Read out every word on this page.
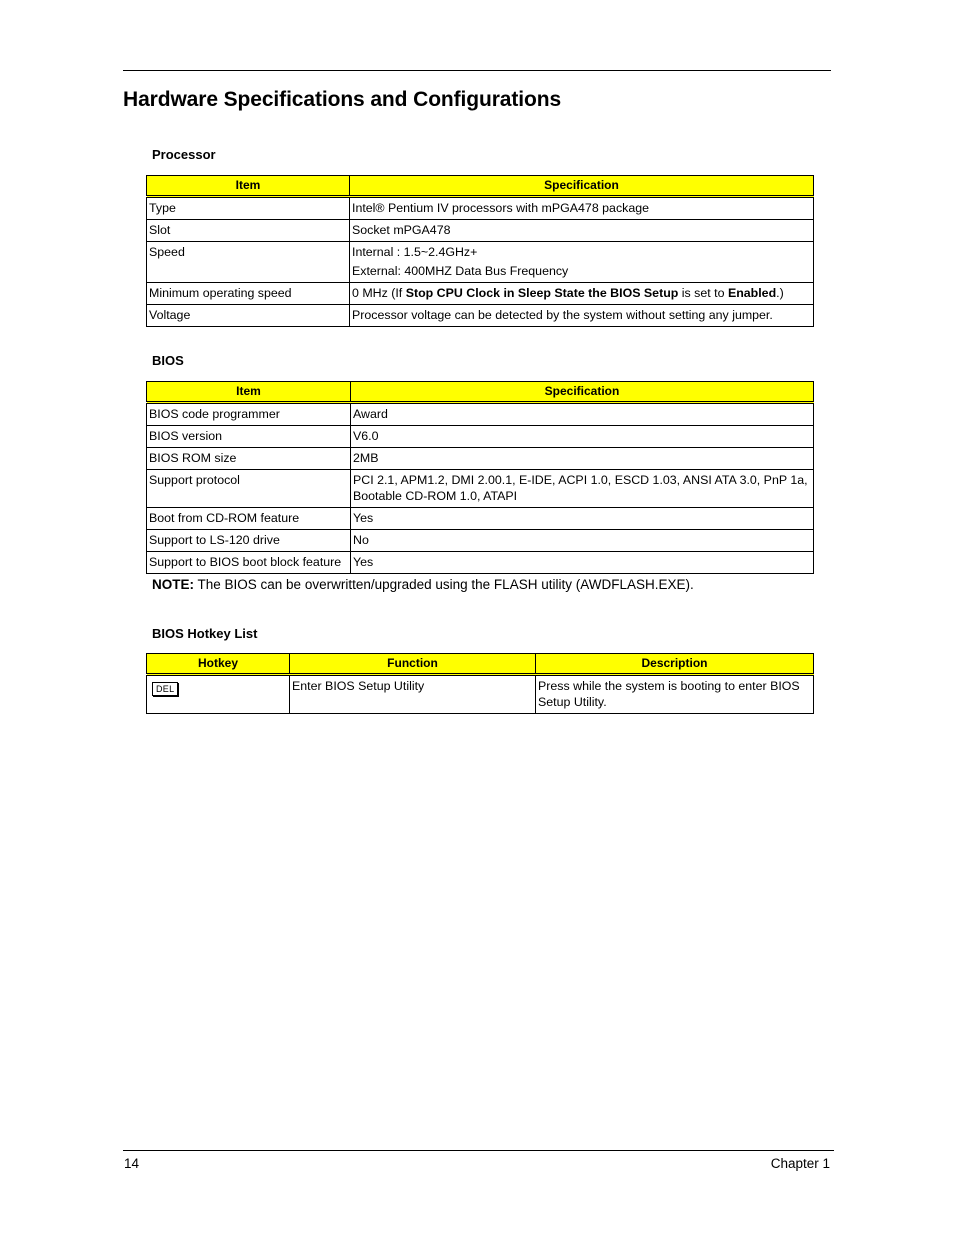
Hardware Specifications and Configurations
Processor
Item	Specification
Type	Intel® Pentium IV processors with mPGA478 package
Slot	Socket mPGA478
Speed	Internal : 1.5~2.4GHz+
External: 400MHZ Data Bus Frequency

Minimum operating speed	0 MHz (If Stop CPU Clock in Sleep State the BIOS Setup is set to Enabled.)
Voltage	Processor voltage can be detected by the system without setting any jumper.
BIOS
Item	Specification
BIOS code programmer	Award
BIOS version	V6.0
BIOS ROM size	2MB
Support protocol	PCI 2.1, APM1.2, DMI 2.00.1, E-IDE, ACPI 1.0, ESCD 1.03, ANSI ATA 3.0, PnP 1a, Bootable CD-ROM 1.0, ATAPI
Boot from CD-ROM feature	Yes
Support to LS-120 drive	No
Support to BIOS boot block feature	Yes
NOTE: The BIOS can be overwritten/upgraded using the FLASH utility (AWDFLASH.EXE).
BIOS Hotkey List
Hotkey	Function	Description
DEL	Enter BIOS Setup Utility	Press while the system is booting to enter BIOS Setup Utility.
14	Chapter 1
